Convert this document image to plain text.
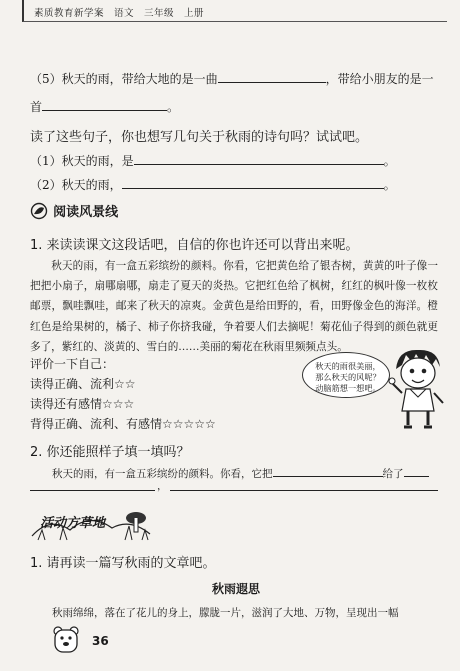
素质教育新学案　语文　三年级　上册
（5）秋天的雨，带给大地的是一曲	，带给小朋友的是一
首	。
读了这些句子，你也想写几句关于秋雨的诗句吗？试试吧。
（1）秋天的雨，是	。
（2）秋天的雨，	。
阅读风景线
1. 来读读课文这段话吧，自信的你也许还可以背出来呢。
秋天的雨，有一盒五彩缤纷的颜料。你看，它把黄色给了银杏树，黄黄的叶子像一把把小扇子，扇哪扇哪，扇走了夏天的炎热。它把红色给了枫树，红红的枫叶像一枚枚邮票，飘哇飘哇，邮来了秋天的凉爽。金黄色是给田野的，看，田野像金色的海洋。橙红色是给果树的，橘子、柿子你挤我碰，争着要人们去摘呢！菊花仙子得到的颜色就更多了，紫红的、淡黄的、雪白的……美丽的菊花在秋雨里频频点头。
评价一下自己：
读得正确、流利☆☆
读得还有感情☆☆☆
背得正确、流利、有感情☆☆☆☆☆
秋天的雨很美丽，那么秋天的风呢？动脑筋想一想吧。
2. 你还能照样子填一填吗？
秋天的雨，有一盒五彩缤纷的颜料。你看，它把	给了
，
活动方草地
1. 请再读一篇写秋雨的文章吧。
秋雨遐思
秋雨绵绵，落在了花儿的身上，朦胧一片，滋润了大地、万物，呈现出一幅
36
